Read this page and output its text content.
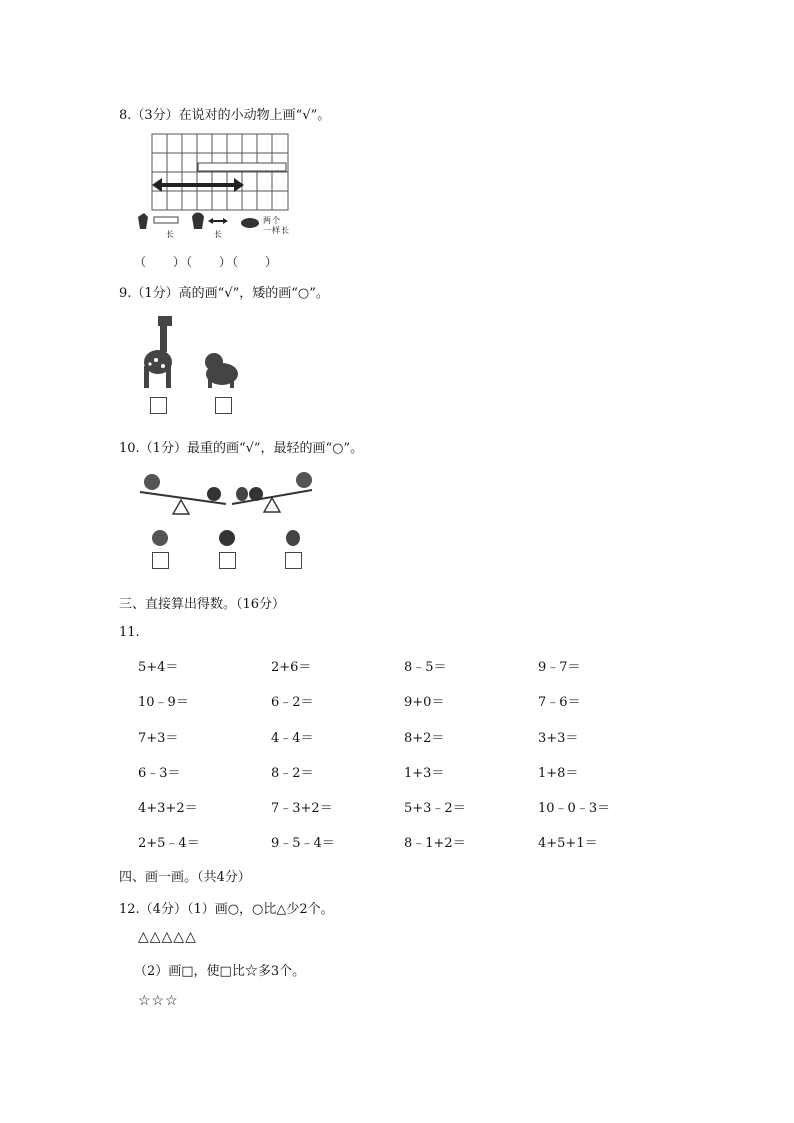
8.（3分）在说对的小动物上画“√”。
长	长
两个
一样长
（　　）（　　）（　　）
9.（1分）高的画“√”，矮的画“○”。
10.（1分）最重的画“√”，最轻的画“○”。
三、直接算出得数。（16分）
11.
5+4＝	2+6＝	8﹣5＝	9﹣7＝
10﹣9＝	6﹣2＝	9+0＝	7﹣6＝
7+3＝	4﹣4＝	8+2＝	3+3＝
6﹣3＝	8﹣2＝	1+3＝	1+8＝
4+3+2＝	7﹣3+2＝	5+3﹣2＝	10﹣0﹣3＝
2+5﹣4＝	9﹣5﹣4＝	8﹣1+2＝	4+5+1＝
四、画一画。（共4分）
12.（4分）（1）画○，○比△少2个。
△△△△△
（2）画□，使□比☆多3个。
☆☆☆
